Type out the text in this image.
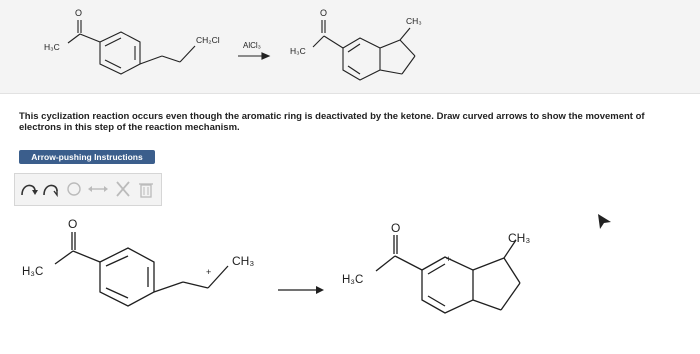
O
H₃C
CH₂Cl
AlCl₃
O
H₃C
CH₃
This cyclization reaction occurs even though the aromatic ring is deactivated by the ketone. Draw curved arrows to show the movement of electrons in this step of the reaction mechanism.
Arrow-pushing Instructions
O
H₃C	+
CH₃
O
H₃C
+
CH₃
